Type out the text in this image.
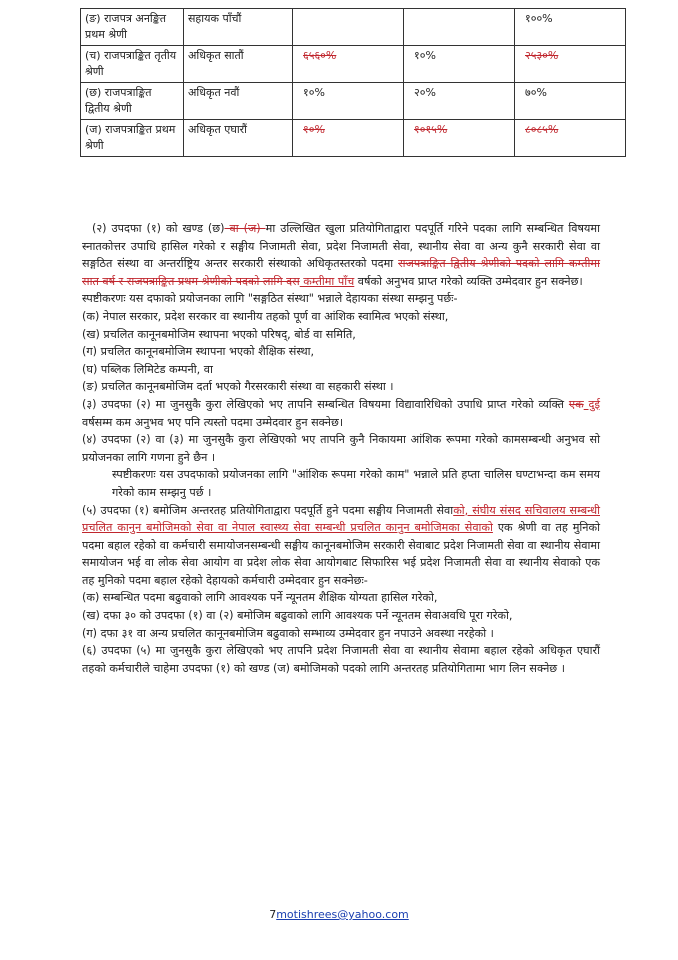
(ङ) राजपत्र अनङ्कित प्रथम श्रेणी	सहायक पाँचौं			१००%
(च) राजपत्राङ्कित तृतीय श्रेणी	अधिकृत सातौं	६५६०%	१०%	२५३०%
(छ) राजपत्राङ्कित द्वितीय श्रेणी	अधिकृत नवौं	१०%	२०%	७०%
(ज) राजपत्राङ्कित प्रथम श्रेणी	अधिकृत एघारौं	१०%	१०१५%	८०८५%

(२) उपदफा (१) को खण्ड (छ) वा (ज) मा उल्लिखित खुला प्रतियोगिताद्वारा पदपूर्ति गरिने पदका लागि सम्बन्धित विषयमा स्नातकोत्तर उपाधि हासिल गरेको र सङ्घीय निजामती सेवा, प्रदेश निजामती सेवा, स्थानीय सेवा वा अन्य कुनै सरकारी सेवा वा सङ्गठित संस्था वा अन्तर्राष्ट्रिय अन्तर सरकारी संस्थाको अधिकृतस्तरको पदमा राजपत्राङ्कित द्वितीय श्रेणीको पदको लागि कम्तीमा सात वर्ष र राजपत्राङ्कित प्रथम श्रेणीको पदको लागि दस कम्तीमा पाँच वर्षको अनुभव प्राप्त गरेको व्यक्ति उम्मेदवार हुन सक्नेछ।

स्पष्टीकरणः यस दफाको प्रयोजनका लागि "सङ्गठित संस्था" भन्नाले देहायका संस्था सम्झनु पर्छः-

(क) नेपाल सरकार, प्रदेश सरकार वा स्थानीय तहको पूर्ण वा आंशिक स्वामित्व भएको संस्था,

(ख) प्रचलित कानूनबमोजिम स्थापना भएको परिषद्, बोर्ड वा समिति,

(ग) प्रचलित कानूनबमोजिम स्थापना भएको शैक्षिक संस्था,

(घ) पब्लिक लिमिटेड कम्पनी, वा

(ङ) प्रचलित कानूनबमोजिम दर्ता भएको गैरसरकारी संस्था वा सहकारी संस्था ।

(३) उपदफा (२) मा जुनसुकै कुरा लेखिएको भए तापनि सम्बन्धित विषयमा विद्यावारिधिको उपाधि प्राप्त गरेको व्यक्ति एक दुई वर्षसम्म कम अनुभव भए पनि त्यस्तो पदमा उम्मेदवार हुन सक्नेछ।

(४) उपदफा (२) वा (३) मा जुनसुकै कुरा लेखिएको भए तापनि कुनै निकायमा आंशिक रूपमा गरेको कामसम्बन्धी अनुभव सो प्रयोजनका लागि गणना हुने छैन ।

स्पष्टीकरणः यस उपदफाको प्रयोजनका लागि "आंशिक रूपमा गरेको काम" भन्नाले प्रति हप्ता चालिस घण्टाभन्दा कम समय गरेको काम सम्झनु पर्छ ।

(५) उपदफा (१) बमोजिम अन्तरतह प्रतियोगिताद्वारा पदपूर्ति हुने पदमा सङ्घीय निजामती सेवाको, संघीय संसद सचिवालय सम्बन्धी प्रचलित कानुन बमोजिमको सेवा वा नेपाल स्वास्थ्य सेवा सम्बन्धी प्रचलित कानुन बमोजिमका सेवाको एक श्रेणी वा तह मुनिको पदमा बहाल रहेको वा कर्मचारी समायोजनसम्बन्धी सङ्घीय कानूनबमोजिम सरकारी सेवाबाट प्रदेश निजामती सेवा वा स्थानीय सेवामा समायोजन भई वा लोक सेवा आयोग वा प्रदेश लोक सेवा आयोगबाट सिफारिस भई प्रदेश निजामती सेवा वा स्थानीय सेवाको एक तह मुनिको पदमा बहाल रहेको देहायको कर्मचारी उम्मेदवार हुन सक्नेछः-

(क) सम्बन्धित पदमा बढुवाको लागि आवश्यक पर्ने न्यूनतम शैक्षिक योग्यता हासिल गरेको,

(ख) दफा ३० को उपदफा (१) वा (२) बमोजिम बढुवाको लागि आवश्यक पर्ने न्यूनतम सेवाअवधि पूरा गरेको,

(ग) दफा ३१ वा अन्य प्रचलित कानूनबमोजिम बढुवाको सम्भाव्य उम्मेदवार हुन नपाउने अवस्था नरहेको ।

(६) उपदफा (५) मा जुनसुकै कुरा लेखिएको भए तापनि प्रदेश निजामती सेवा वा स्थानीय सेवामा बहाल रहेको अधिकृत एघारौं तहको कर्मचारीले चाहेमा उपदफा (१) को खण्ड (ज) बमोजिमको पदको लागि अन्तरतह प्रतियोगितामा भाग लिन सक्नेछ ।

7motishrees@yahoo.com
